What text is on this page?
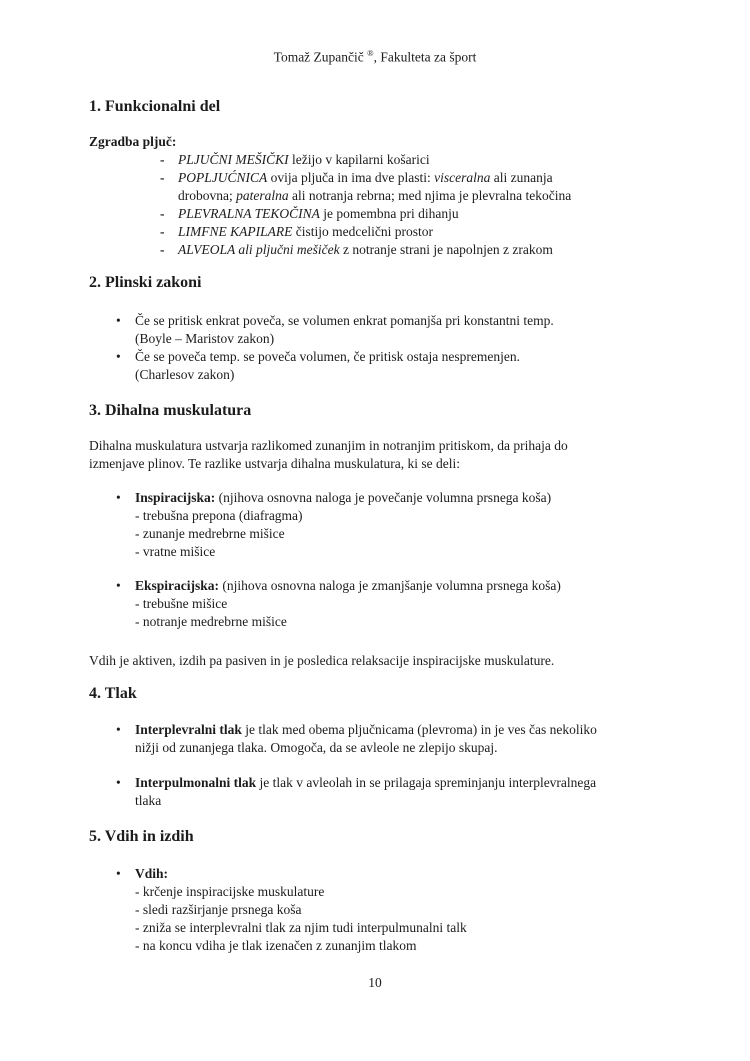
Tomaž Zupančič ®, Fakulteta za šport
1. Funkcionalni del
Zgradba pljuč:
-	PLJUČNI MEŠIČKI ležijo v kapilarni košarici
-	POPLJUĆNICA ovija pljuča in ima dve plasti: visceralna ali zunanja
drobovna; pateralna ali notranja rebrna; med njima je plevralna tekočina
-	PLEVRALNA TEKOČINA je pomembna pri dihanju
-	LIMFNE KAPILARE čistijo medcelični prostor
-	ALVEOLA ali pljučni mešiček z notranje strani je napolnjen z zrakom
2. Plinski zakoni
•	Če se pritisk enkrat poveča, se volumen enkrat pomanjša pri konstantni temp.
(Boyle – Maristov zakon)
•	Če se poveča temp. se poveča volumen, če pritisk ostaja nespremenjen.
(Charlesov zakon)
3. Dihalna muskulatura
Dihalna muskulatura ustvarja razlikomed zunanjim in notranjim pritiskom, da prihaja do
izmenjave plinov. Te razlike ustvarja dihalna muskulatura, ki se deli:
•	Inspiracijska: (njihova osnovna naloga je povečanje volumna prsnega koša)
- trebušna prepona (diafragma)
- zunanje medrebrne mišice
- vratne mišice
•	Ekspiracijska: (njihova osnovna naloga je zmanjšanje volumna prsnega koša)
- trebušne mišice
- notranje medrebrne mišice
Vdih je aktiven, izdih pa pasiven in je posledica relaksacije inspiracijske muskulature.
4. Tlak
•	Interplevralni tlak je tlak med obema pljučnicama (plevroma) in je ves čas nekoliko
nižji od zunanjega tlaka. Omogoča, da se avleole ne zlepijo skupaj.
•	Interpulmonalni tlak je tlak v avleolah in se prilagaja spreminjanju interplevralnega
tlaka
5. Vdih in izdih
•	Vdih:
- krčenje inspiracijske muskulature
- sledi razširjanje prsnega koša
- zniža se interplevralni tlak za njim tudi interpulmunalni talk
- na koncu vdiha je tlak izenačen z zunanjim tlakom
10
